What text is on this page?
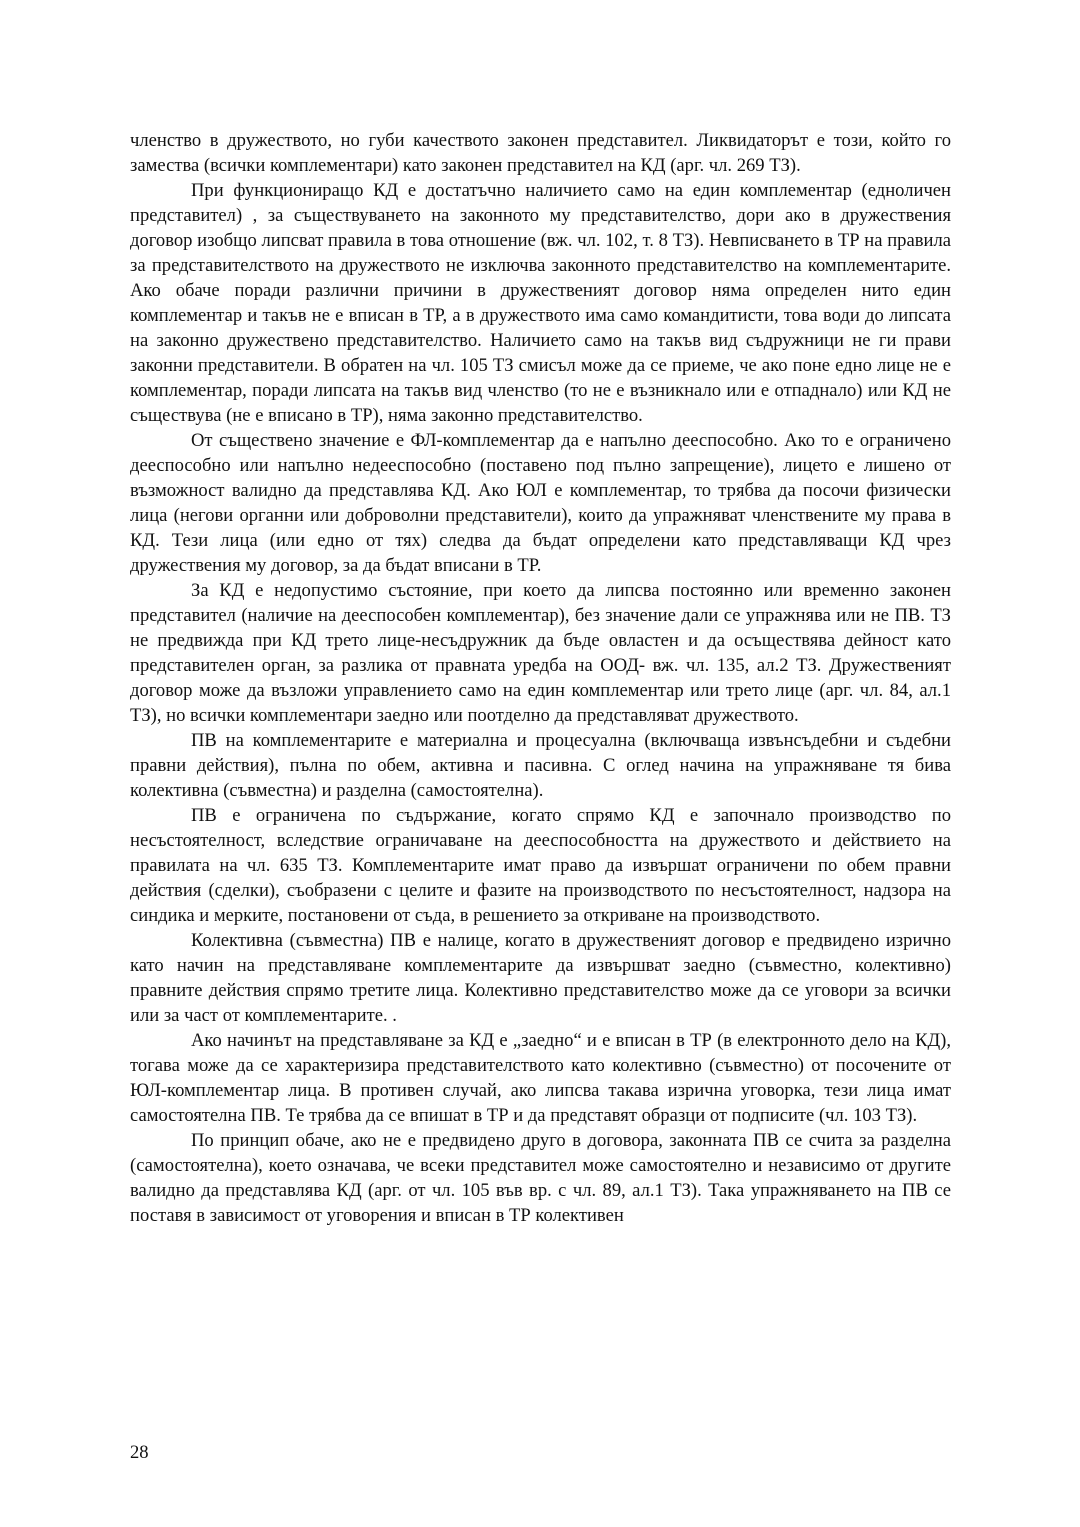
членство в дружеството, но губи качеството законен представител. Ликвидаторът е този, който го замества (всички комплементари) като законен представител на КД (арг. чл. 269 ТЗ).

При функциониращо КД е достатъчно наличието само на един комплементар (едноличен представител) , за съществуването на законното му представителство, дори ако в дружествения договор изобщо липсват правила в това отношение (вж. чл. 102, т. 8 ТЗ). Невписването в ТР на правила за представителството на дружеството не изключва законното представителство на комплементарите. Ако обаче поради различни причини в дружественият договор няма определен нито един комплементар и такъв не е вписан в ТР, а в дружеството има само командитисти, това води до липсата на законно дружествено представителство. Наличието само на такъв вид съдружници не ги прави законни представители. В обратен на чл. 105 ТЗ смисъл може да се приеме, че ако поне едно лице не е комплементар, поради липсата на такъв вид членство (то не е възникнало или е отпаднало) или КД не съществува (не е вписано в ТР), няма законно представителство.

От съществено значение е ФЛ-комплементар да е напълно дееспособно. Ако то е ограничено дееспособно или напълно недееспособно (поставено под пълно запрещение), лицето е лишено от възможност валидно да представлява КД. Ако ЮЛ е комплементар, то трябва да посочи физически лица (негови органни или доброволни представители), които да упражняват членствените му права в КД. Тези лица (или едно от тях) следва да бъдат определени като представляващи КД чрез дружествения му договор, за да бъдат вписани в ТР.

За КД е недопустимо състояние, при което да липсва постоянно или временно законен представител (наличие на дееспособен комплементар), без значение дали се упражнява или не ПВ. ТЗ не предвижда при КД трето лице-несъдружник да бъде овластен и да осъществява дейност като представителен орган, за разлика от правната уредба на ООД- вж. чл. 135, ал.2 ТЗ. Дружественият договор може да възложи управлението само на един комплементар или трето лице (арг. чл. 84, ал.1 ТЗ), но всички комплементари заедно или поотделно да представляват дружеството.

ПВ на комплементарите е материална и процесуална (включваща извънсъдебни и съдебни правни действия), пълна по обем, активна и пасивна. С оглед начина на упражняване тя бива колективна (съвместна) и разделна (самостоятелна).

ПВ е ограничена по съдържание, когато спрямо КД е започнало производство по несъстоятелност, вследствие ограничаване на дееспособността на дружеството и действието на правилата на чл. 635 ТЗ. Комплементарите имат право да извършат ограничени по обем правни действия (сделки), съобразени с целите и фазите на производството по несъстоятелност, надзора на синдика и мерките, постановени от съда, в решението за откриване на производството.

Колективна (съвместна) ПВ е налице, когато в дружественият договор е предвидено изрично като начин на представляване комплементарите да извършват заедно (съвместно, колективно) правните действия спрямо третите лица. Колективно представителство може да се уговори за всички или за част от комплементарите. .

Ако начинът на представляване за КД е „заедно“ и е вписан в ТР (в електронното дело на КД), тогава може да се характеризира представителството като колективно (съвместно) от посочените от ЮЛ-комплементар лица. В противен случай, ако липсва такава изрична уговорка, тези лица имат самостоятелна ПВ. Те трябва да се впишат в ТР и да представят образци от подписите (чл. 103 ТЗ).

По принцип обаче, ако не е предвидено друго в договора, законната ПВ се счита за разделна (самостоятелна), което означава, че всеки представител може самостоятелно и независимо от другите валидно да представлява КД (арг. от чл. 105 във вр. с чл. 89, ал.1 ТЗ). Така упражняването на ПВ се поставя в зависимост от уговорения и вписан в ТР колективен

28
